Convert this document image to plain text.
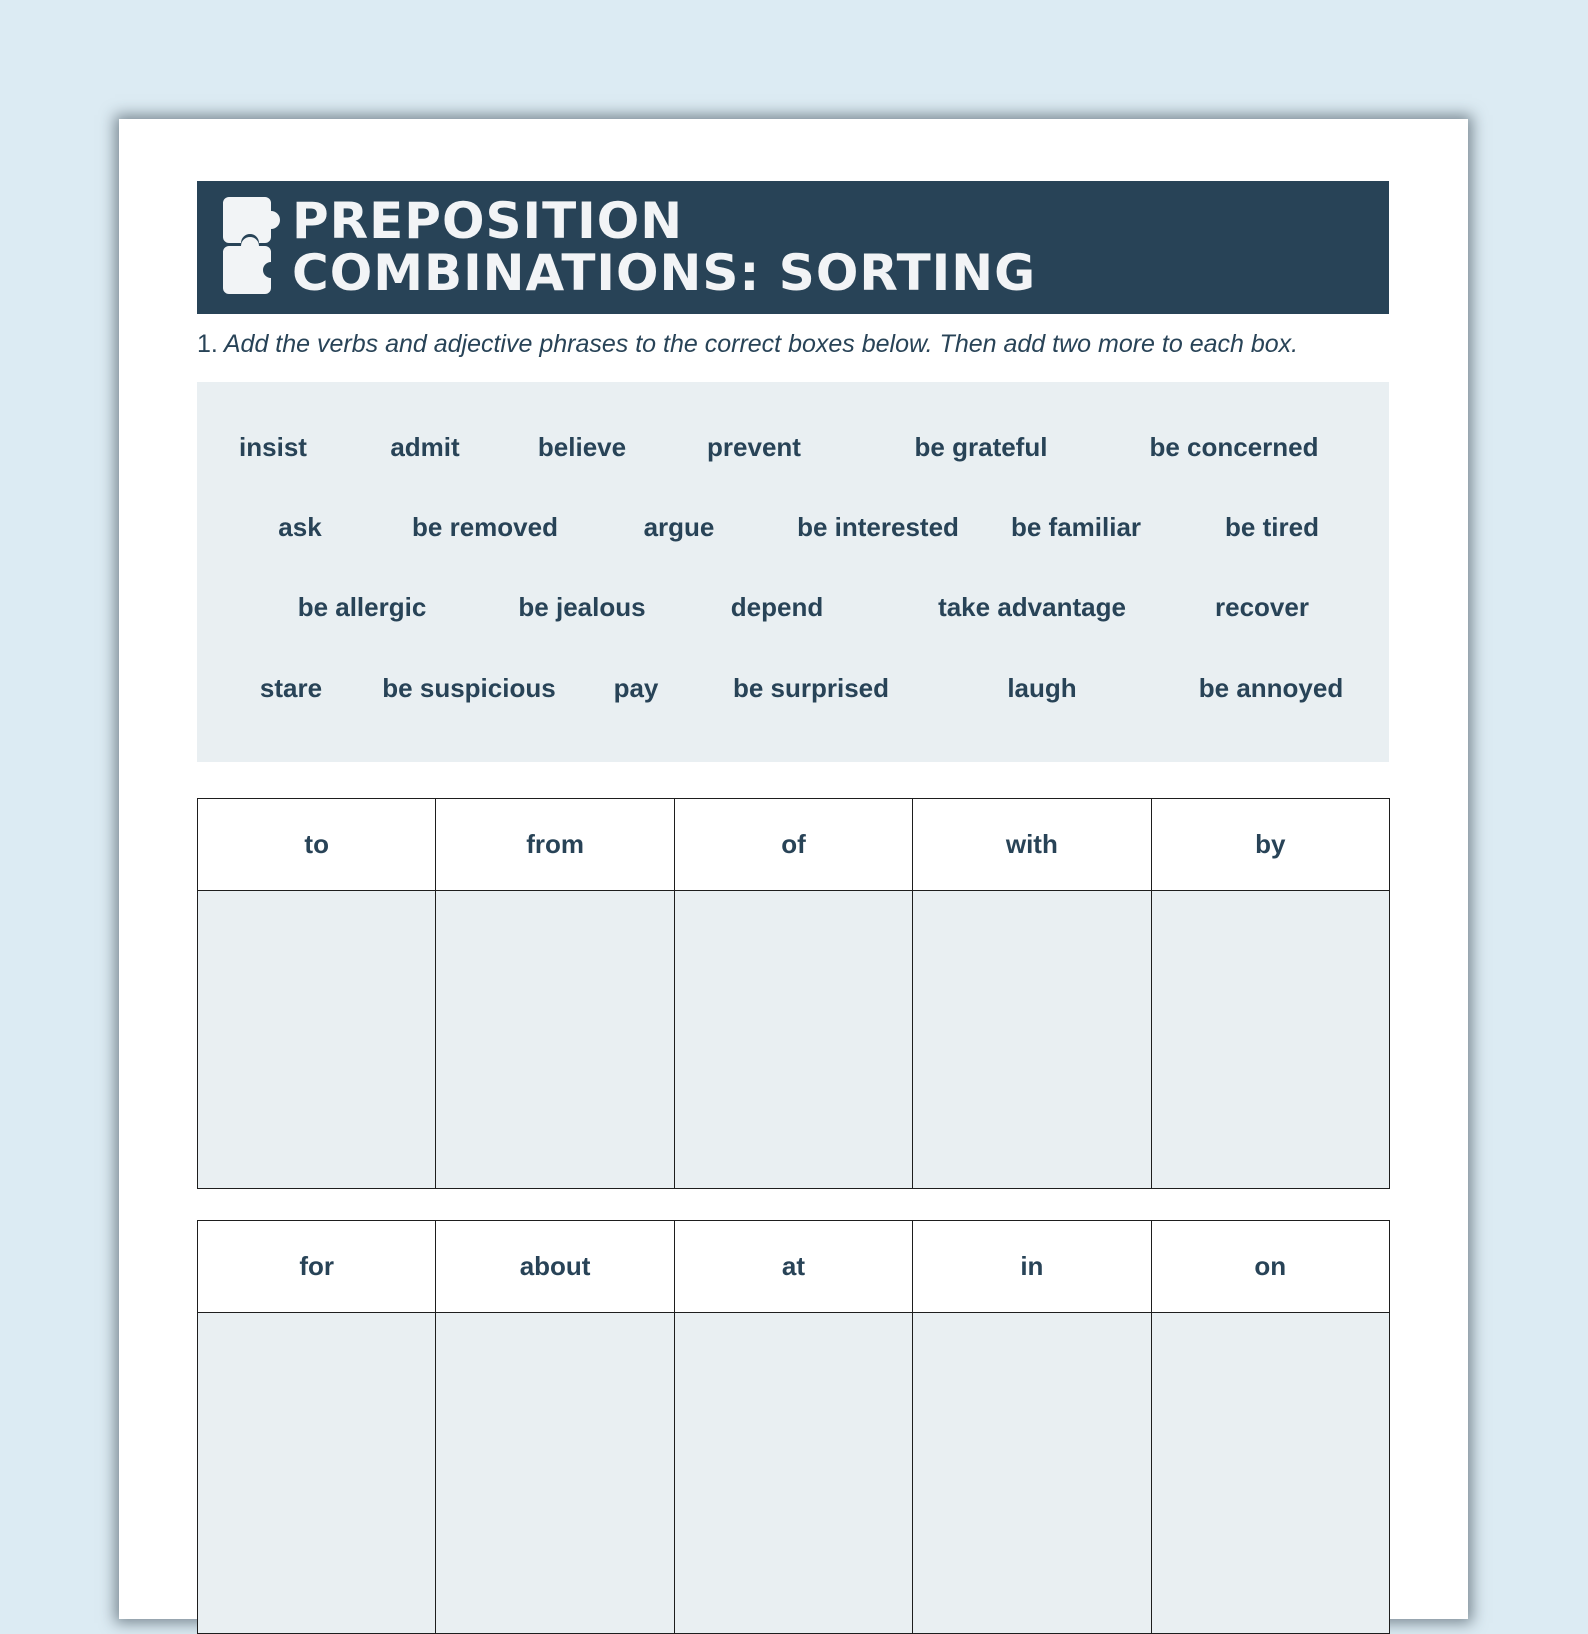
PREPOSITION
COMBINATIONS: SORTING
1. Add the verbs and adjective phrases to the correct boxes below. Then add two more to each box.
insist	admit	believe	prevent	be grateful	be concerned
ask	be removed	argue	be interested be familiar	be tired
be allergic	be jealous	depend	take advantage	recover
stare be suspicious pay	be surprised	laugh	be annoyed
to	from	of	with	by

for	about	at	in	on
